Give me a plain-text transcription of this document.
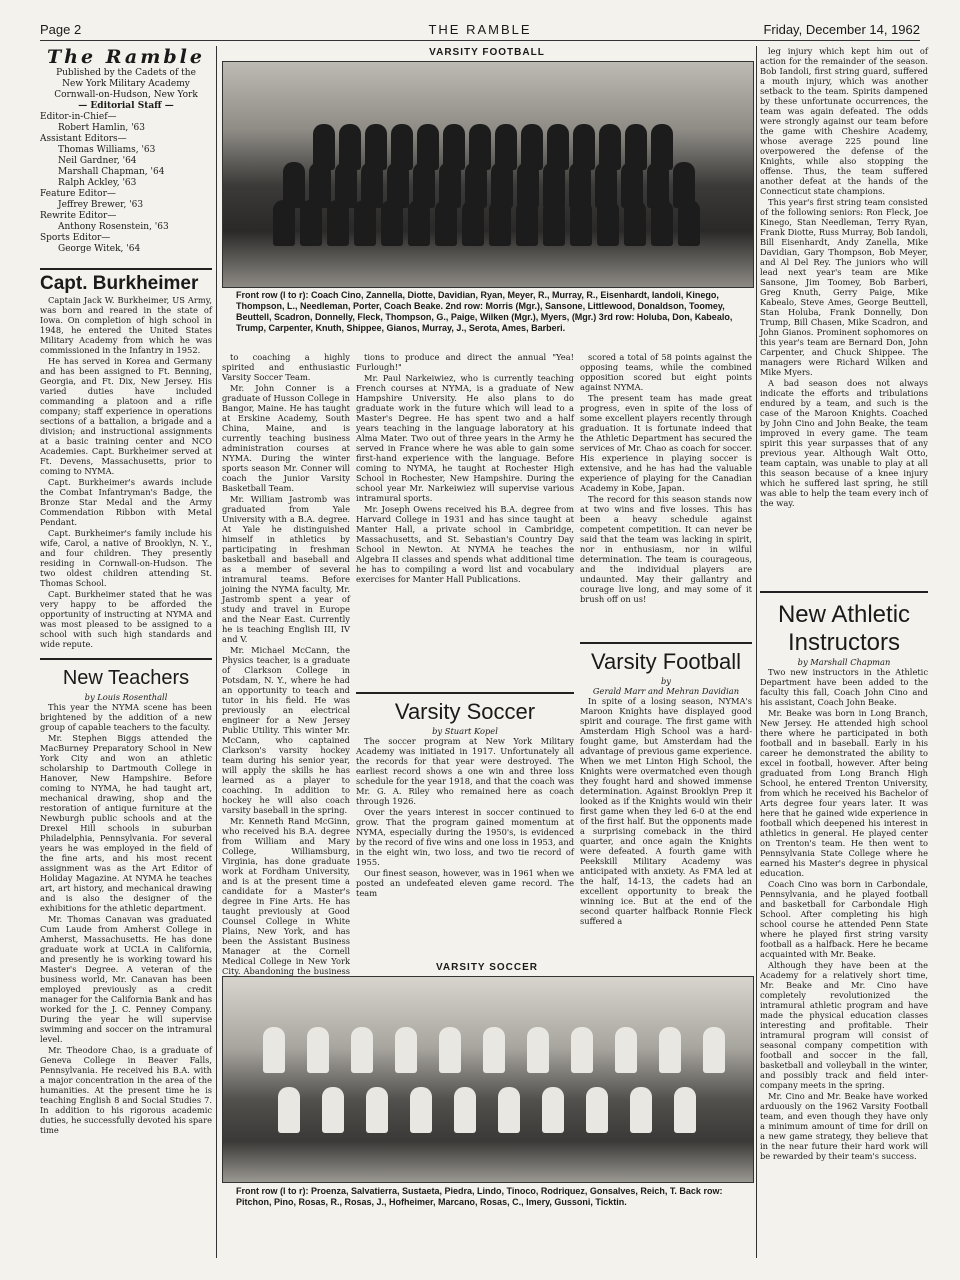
Page 2	THE RAMBLE	Friday, December 14, 1962
The Ramble
Published by the Cadets of the
New York Military Academy
Cornwall-on-Hudson, New York
— Editorial Staff —
Editor-in-Chief—
Robert Hamlin, '63
Assistant Editors—
Thomas Williams, '63
Neil Gardner, '64
Marshall Chapman, '64
Ralph Ackley, '63
Feature Editor—
Jeffrey Brewer, '63
Rewrite Editor—
Anthony Rosenstein, '63
Sports Editor—
George Witek, '64
Capt. Burkheimer

Captain Jack W. Burkheimer, US Army, was born and reared in the state of Iowa. On completion of high school in 1948, he entered the United States Military Academy from which he was commissioned in the Infantry in 1952.

He has served in Korea and Germany and has been assigned to Ft. Benning, Georgia, and Ft. Dix, New Jersey. His varied duties have included commanding a platoon and a rifle company; staff experience in operations sections of a battalion, a brigade and a division; and instructional assignments at a basic training center and NCO Academies. Capt. Burkheimer served at Ft. Devens, Massachusetts, prior to coming to NYMA.

Capt. Burkheimer's awards include the Combat Infantryman's Badge, the Bronze Star Medal and the Army Commendation Ribbon with Metal Pendant.

Capt. Burkheimer's family include his wife, Carol, a native of Brooklyn, N. Y., and four children. They presently residing in Cornwall-on-Hudson. The two oldest children attending St. Thomas School.

Capt. Burkheimer stated that he was very happy to be afforded the opportunity of instructing at NYMA and was most pleased to be assigned to a school with such high standards and wide repute.

New Teachers
by Louis Rosenthall

This year the NYMA scene has been brightened by the addition of a new group of capable teachers to the faculty.

Mr. Stephen Biggs attended the MacBurney Preparatory School in New York City and won an athletic scholarship to Dartmouth College in Hanover, New Hampshire. Before coming to NYMA, he had taught art, mechanical drawing, shop and the restoration of antique furniture at the Newburgh public schools and at the Drexel Hill schools in suburban Philadelphia, Pennsylvania. For several years he was employed in the field of the fine arts, and his most recent assignment was as the Art Editor of Holiday Magazine. At NYMA he teaches art, art history, and mechanical drawing and is also the designer of the exhibitions for the athletic department.

Mr. Thomas Canavan was graduated Cum Laude from Amherst College in Amherst, Massachusetts. He has done graduate work at UCLA in California, and presently he is working toward his Master's Degree. A veteran of the business world, Mr. Canavan has been employed previously as a credit manager for the California Bank and has worked for the J. C. Penney Company. During the year he will supervise swimming and soccer on the intramural level.

Mr. Theodore Chao, is a graduate of Geneva College in Beaver Falls, Pennsylvania. He received his B.A. with a major concentration in the area of the humanities. At the present time he is teaching English 8 and Social Studies 7. In addition to his rigorous academic duties, he successfully devoted his spare time

VARSITY FOOTBALL
Front row (l to r): Coach Cino, Zannella, Diotte, Davidian, Ryan, Meyer, R., Murray, R., Eisenhardt, Iandoli, Kinego, Thompson, L., Needleman, Porter, Coach Beake. 2nd row: Morris (Mgr.), Sansone, Littlewood, Donaldson, Toomey, Beuttell, Scadron, Donnelly, Fleck, Thompson, G., Paige, Wilken (Mgr.), Myers, (Mgr.) 3rd row: Holuba, Don, Kabealo, Trump, Carpenter, Knuth, Shippee, Gianos, Murray, J., Serota, Ames, Barberi.

to coaching a highly spirited and enthusiastic Varsity Soccer Team.

Mr. John Conner is a graduate of Husson College in Bangor, Maine. He has taught at Erskine Academy, South China, Maine, and is currently teaching business administration courses at NYMA. During the winter sports season Mr. Conner will coach the Junior Varsity Basketball Team.

Mr. William Jastromb was graduated from Yale University with a B.A. degree. At Yale he distinguished himself in athletics by participating in freshman basketball and baseball and as a member of several intramural teams. Before joining the NYMA faculty, Mr. Jastromb spent a year of study and travel in Europe and the Near East. Currently he is teaching English III, IV and V.

Mr. Michael McCann, the Physics teacher, is a graduate of Clarkson College in Potsdam, N. Y., where he had an opportunity to teach and tutor in his field. He was previously an electrical engineer for a New Jersey Public Utility. This winter Mr. McCann, who captained Clarkson's varsity hockey team during his senior year, will apply the skills he has learned as a player to coaching. In addition to hockey he will also coach varsity baseball in the spring.

Mr. Kenneth Rand McGinn, who received his B.A. degree from William and Mary College, Williamsburg, Virginia, has done graduate work at Fordham University, and is at the present time a candidate for a Master's degree in Fine Arts. He has taught previously at Good Counsel College in White Plains, New York, and has been the Assistant Business Manager at the Cornell Medical College in New York City. Abandoning the business

tions to produce and direct the annual "Yea! Furlough!"

Mr. Paul Narkeiwiez, who is currently teaching French courses at NYMA, is a graduate of New Hampshire University. He also plans to do graduate work in the future which will lead to a Master's Degree. He has spent two and a half years teaching in the language laboratory at his Alma Mater. Two out of three years in the Army he served in France where he was able to gain some first-hand experience with the language. Before coming to NYMA, he taught at Rochester High School in Rochester, New Hampshire. During the school year Mr. Narkeiwiez will supervise various intramural sports.

Mr. Joseph Owens received his B.A. degree from Harvard College in 1931 and has since taught at Manter Hall, a private school in Cambridge, Massachusetts, and St. Sebastian's Country Day School in Newton. At NYMA he teaches the Algebra II classes and spends what additional time he has to compiling a word list and vocabulary exercises for Manter Hall Publications.

Varsity Soccer
by Stuart Kopel

The soccer program at New York Military Academy was initiated in 1917. Unfortunately all the records for that year were destroyed. The earliest record shows a one win and three loss schedule for the year 1918, and that the coach was Mr. G. A. Riley who remained here as coach through 1926.

Over the years interest in soccer continued to grow. That the program gained momentum at NYMA, especially during the 1950's, is evidenced by the record of five wins and one loss in 1953, and in the eight win, two loss, and two tie record of 1955.

Our finest season, however, was in 1961 when we posted an undefeated eleven game record. The team

scored a total of 58 points against the opposing teams, while the combined opposition scored but eight points against NYMA.

The present team has made great progress, even in spite of the loss of some excellent players recently through graduation. It is fortunate indeed that the Athletic Department has secured the services of Mr. Chao as coach for soccer. His experience in playing soccer is extensive, and he has had the valuable experience of playing for the Canadian Academy in Kobe, Japan.

The record for this season stands now at two wins and five losses. This has been a heavy schedule against competent competition. It can never be said that the team was lacking in spirit, nor in enthusiasm, nor in wilful determination. The team is courageous, and the individual players are undaunted. May their gallantry and courage live long, and may some of it brush off on us!

Varsity Football
by
Gerald Marr and Mehran Davidian

In spite of a losing season, NYMA's Maroon Knights have displayed good spirit and courage. The first game with Amsterdam High School was a hard-fought game, but Amsterdam had the advantage of previous game experience. When we met Linton High School, the Knights were overmatched even though they fought hard and showed immense determination. Against Brooklyn Prep it looked as if the Knights would win their first game when they led 6-0 at the end of the first half. But the opponents made a surprising comeback in the third quarter, and once again the Knights were defeated. A fourth game with Peekskill Military Academy was anticipated with anxiety. As FMA led at the half, 14-13, the cadets had an excellent opportunity to break the winning ice. But at the end of the second quarter halfback Ronnie Fleck suffered a

leg injury which kept him out of action for the remainder of the season. Bob Iandoli, first string guard, suffered a mouth injury, which was another setback to the team. Spirits dampened by these unfortunate occurrences, the team was again defeated. The odds were strongly against our team before the game with Cheshire Academy, whose average 225 pound line overpowered the defense of the Knights, while also stopping the offense. Thus, the team suffered another defeat at the hands of the Connecticut state champions.

This year's first string team consisted of the following seniors: Ron Fleck, Joe Kinego, Stan Needleman, Terry Ryan, Frank Diotte, Russ Murray, Bob Iandoli, Bill Eisenhardt, Andy Zanella, Mike Davidian, Gary Thompson, Bob Meyer, and Al Del Rey. The juniors who will lead next year's team are Mike Sansone, Jim Toomey, Bob Barberi, Greg Knuth, Gerry Paige, Mike Kabealo, Steve Ames, George Beuttell, Stan Holuba, Frank Donnelly, Don Trump, Bill Chasen, Mike Scadron, and John Gianos. Prominent sophomores on this year's team are Bernard Don, John Carpenter, and Chuck Shippee. The managers were Richard Wilken and Mike Myers.

A bad season does not always indicate the efforts and tribulations endured by a team, and such is the case of the Maroon Knights. Coached by John Cino and John Beake, the team improved in every game. The team spirit this year surpasses that of any previous year. Although Walt Otto, team captain, was unable to play at all this season because of a knee injury which he suffered last spring, he still was able to help the team every inch of the way.

New Athletic
Instructors
by Marshall Chapman

Two new instructors in the Athletic Department have been added to the faculty this fall, Coach John Cino and his assistant, Coach John Beake.

Mr. Beake was born in Long Branch, New Jersey. He attended high school there where he participated in both football and in baseball. Early in his career he demonstrated the ability to excel in football, however. After being graduated from Long Branch High School, he entered Trenton University, from which he received his Bachelor of Arts degree four years later. It was here that he gained wide experience in football which deepened his interest in athletics in general. He played center on Trenton's team. He then went to Pennsylvania State College where he earned his Master's degree in physical education.

Coach Cino was born in Carbondale, Pennsylvania, and he played football and basketball for Carbondale High School. After completing his high school course he attended Penn State where he played first string varsity football as a halfback. Here he became acquainted with Mr. Beake.

Although they have been at the Academy for a relatively short time, Mr. Beake and Mr. Cino have completely revolutionized the intramural athletic program and have made the physical education classes interesting and profitable. Their intramural program will consist of seasonal company competition with football and soccer in the fall, basketball and volleyball in the winter, and possibly track and field inter-company meets in the spring.

Mr. Cino and Mr. Beake have worked arduously on the 1962 Varsity Football team, and even though they have only a minimum amount of time for drill on a new game strategy, they believe that in the near future their hard work will be rewarded by their team's success.

VARSITY SOCCER
Front row (l to r): Proenza, Salvatierra, Sustaeta, Piedra, Lindo, Tinoco, Rodriquez, Gonsalves, Reich, T. Back row: Pitchon, Pino, Rosas, R., Rosas, J., Hofheimer, Marcano, Rosas, C., Imery, Gussoni, Ticktin.
